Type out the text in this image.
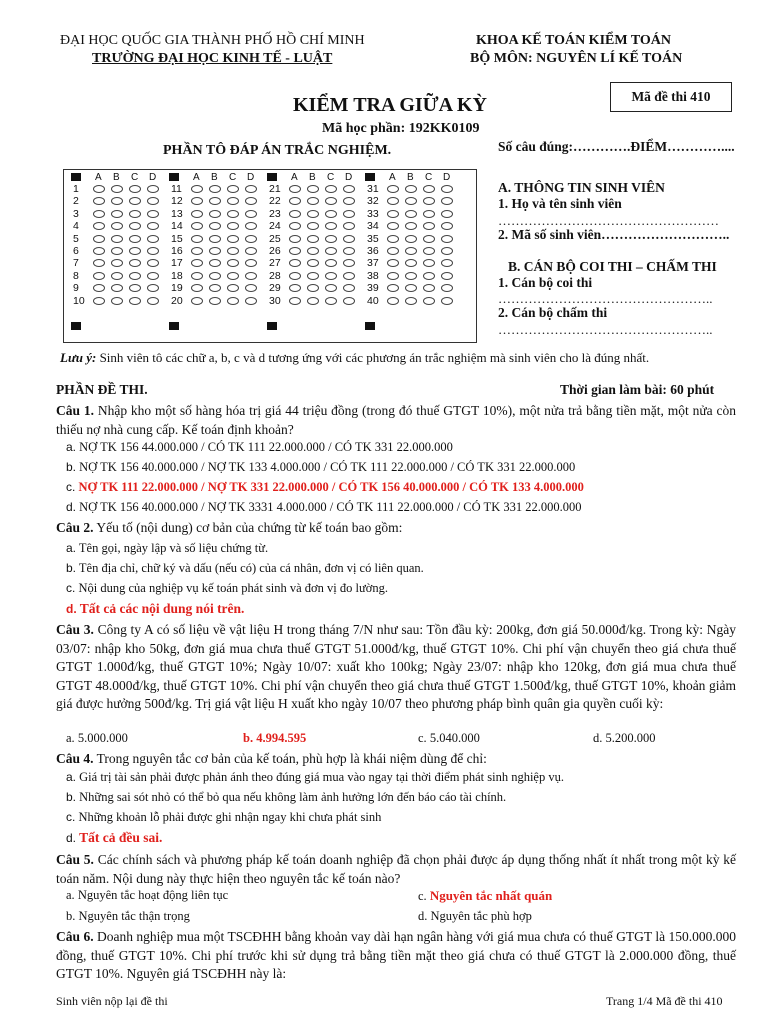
ĐẠI HỌC QUỐC GIA THÀNH PHỐ HỒ CHÍ MINH
TRƯỜNG ĐẠI HỌC KINH TẾ - LUẬT
KHOA KẾ TOÁN KIỂM TOÁN
BỘ MÔN: NGUYÊN LÍ KẾ TOÁN
Mã đề thi 410
KIỂM TRA GIỮA KỲ
Mã học phần: 192KK0109
PHẦN TÔ ĐÁP ÁN TRẮC NGHIỆM.	Số câu đúng:………….ĐIỂM…………....
A B C D
1
2
3
4
5
6
7
8
9
10
A B C D
11
12
13
14
15
16
17
18
19
20
A B C D
21
22
23
24
25
26
27
28
29
30
A B C D
31
32
33
34
35
36
37
38
39
40
A. THÔNG TIN SINH VIÊN
1. Họ và tên sinh viên
……………………………………………
2. Mã số sinh viên………………………..
B. CÁN BỘ COI THI – CHẤM THI
1. Cán bộ coi thi
…………………………………………..
2. Cán bộ chấm thi
…………………………………………..
Lưu ý: Sinh viên tô các chữ a, b, c và d tương ứng với các phương án trắc nghiệm mà sinh viên cho là đúng nhất.
PHẦN ĐỀ THI.	Thời gian làm bài: 60 phút
Câu 1. Nhập kho một số hàng hóa trị giá 44 triệu đồng (trong đó thuế GTGT 10%), một nửa trả bằng tiền mặt, một nửa còn thiếu nợ nhà cung cấp. Kế toán định khoản?
a. NỢ TK 156 44.000.000 / CÓ TK 111 22.000.000 / CÓ TK 331 22.000.000
b. NỢ TK 156 40.000.000 / NỢ TK 133 4.000.000 / CÓ TK 111 22.000.000 / CÓ TK 331 22.000.000
c. NỢ TK 111 22.000.000 / NỢ TK 331 22.000.000 / CÓ TK 156 40.000.000 / CÓ TK 133 4.000.000
d. NỢ TK 156 40.000.000 / NỢ TK 3331 4.000.000 / CÓ TK 111 22.000.000 / CÓ TK 331 22.000.000
Câu 2. Yếu tố (nội dung) cơ bản của chứng từ kế toán bao gồm:
a. Tên gọi, ngày lập và số liệu chứng từ.
b. Tên địa chỉ, chữ ký và dấu (nếu có) của cá nhân, đơn vị có liên quan.
c. Nội dung của nghiệp vụ kế toán phát sinh và đơn vị đo lường.
d. Tất cả các nội dung nói trên.
Câu 3. Công ty A có số liệu về vật liệu H trong tháng 7/N như sau: Tồn đầu kỳ: 200kg, đơn giá 50.000đ/kg. Trong kỳ: Ngày 03/07: nhập kho 50kg, đơn giá mua chưa thuế GTGT 51.000đ/kg, thuế GTGT 10%. Chi phí vận chuyển theo giá chưa thuế GTGT 1.000đ/kg, thuế GTGT 10%; Ngày 10/07: xuất kho 100kg; Ngày 23/07: nhập kho 120kg, đơn giá mua chưa thuế GTGT 48.000đ/kg, thuế GTGT 10%. Chi phí vận chuyển theo giá chưa thuế GTGT 1.500đ/kg, thuế GTGT 10%, khoản giảm giá được hưởng 500đ/kg. Trị giá vật liệu H xuất kho ngày 10/07 theo phương pháp bình quân gia quyền cuối kỳ:
a. 5.000.000	b. 4.994.595	c. 5.040.000	d. 5.200.000
Câu 4. Trong nguyên tắc cơ bản của kế toán, phù hợp là khái niệm dùng để chỉ:
a. Giá trị tài sản phải được phản ánh theo đúng giá mua vào ngay tại thời điểm phát sinh nghiệp vụ.
b. Những sai sót nhỏ có thể bỏ qua nếu không làm ảnh hưởng lớn đến báo cáo tài chính.
c. Những khoản lỗ phải được ghi nhận ngay khi chưa phát sinh
d. Tất cả đều sai.
Câu 5. Các chính sách và phương pháp kế toán doanh nghiệp đã chọn phải được áp dụng thống nhất ít nhất trong một kỳ kế toán năm. Nội dung này thực hiện theo nguyên tắc kế toán nào?
a. Nguyên tắc hoạt động liên tục
b. Nguyên tắc thận trọng
c. Nguyên tắc nhất quán
d. Nguyên tắc phù hợp
Câu 6. Doanh nghiệp mua một TSCĐHH bằng khoản vay dài hạn ngân hàng với giá mua chưa có thuế GTGT là 150.000.000 đồng, thuế GTGT 10%. Chi phí trước khi sử dụng trả bằng tiền mặt theo giá chưa có thuế GTGT là 2.000.000 đồng, thuế GTGT 10%. Nguyên giá TSCĐHH này là:
Sinh viên nộp lại đề thi	Trang 1/4 Mã đề thi 410
